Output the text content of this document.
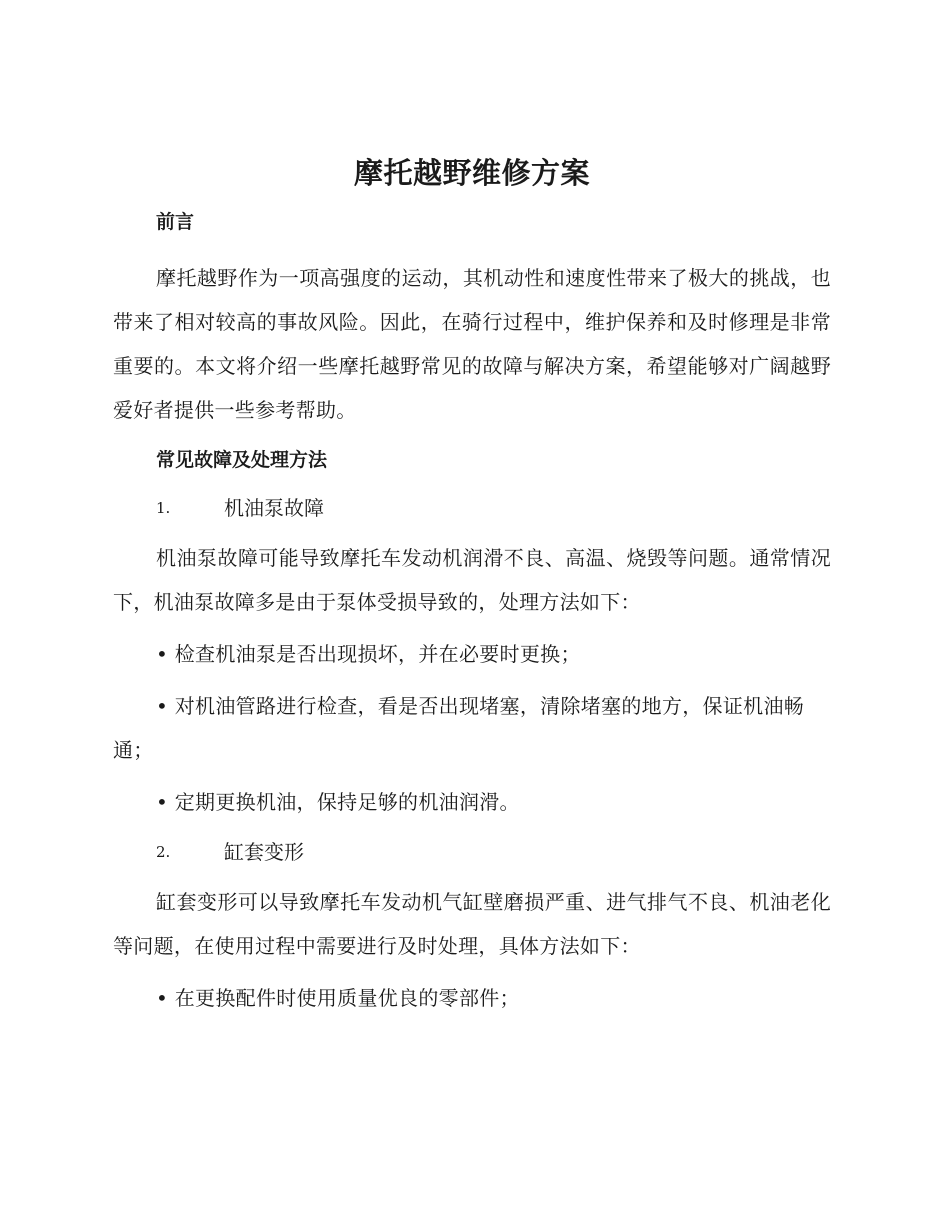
摩托越野维修方案

前言

摩托越野作为一项高强度的运动，其机动性和速度性带来了极大的挑战，也带来了相对较高的事故风险。因此，在骑行过程中，维护保养和及时修理是非常重要的。本文将介绍一些摩托越野常见的故障与解决方案，希望能够对广阔越野爱好者提供一些参考帮助。

常见故障及处理方法

1.	机油泵故障

机油泵故障可能导致摩托车发动机润滑不良、高温、烧毁等问题。通常情况下，机油泵故障多是由于泵体受损导致的，处理方法如下：

• 检查机油泵是否出现损坏，并在必要时更换；

• 对机油管路进行检查，看是否出现堵塞，清除堵塞的地方，保证机油畅通；

• 定期更换机油，保持足够的机油润滑。

2.	缸套变形

缸套变形可以导致摩托车发动机气缸壁磨损严重、进气排气不良、机油老化等问题，在使用过程中需要进行及时处理，具体方法如下：

• 在更换配件时使用质量优良的零部件；
